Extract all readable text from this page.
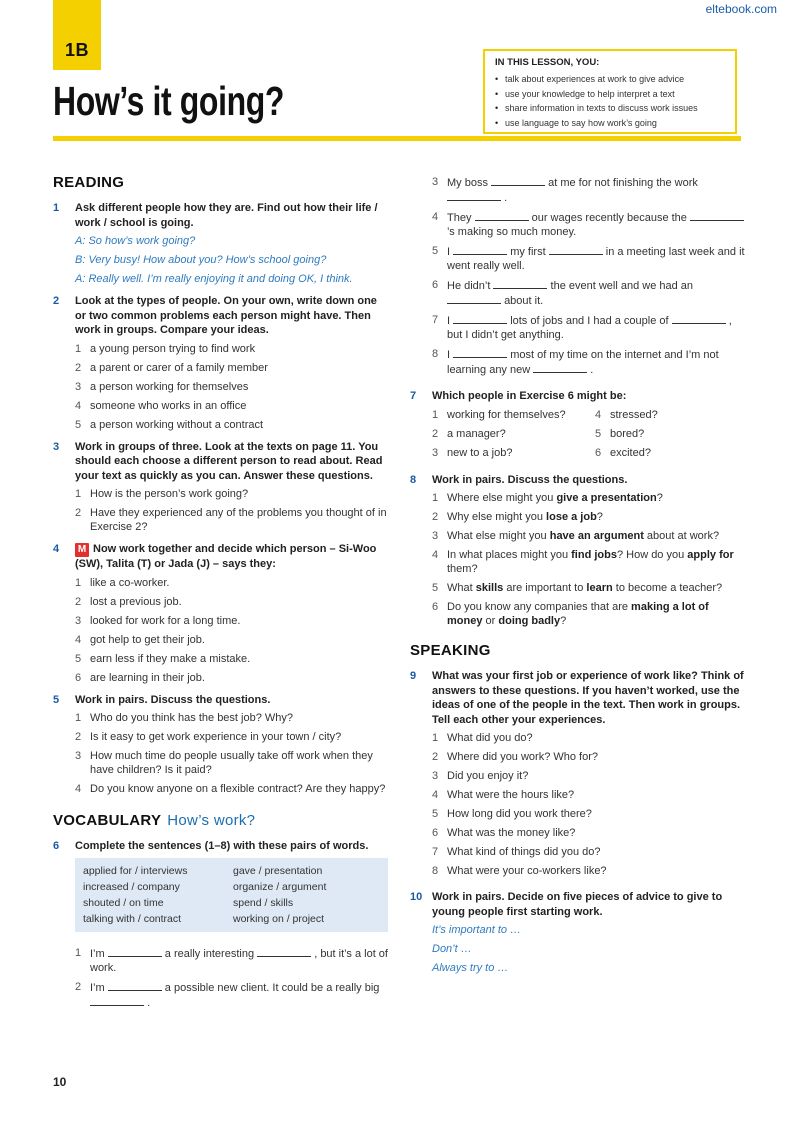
1B
eltebook.com
How’s it going?
IN THIS LESSON, YOU:
• talk about experiences at work to give advice
• use your knowledge to help interpret a text
• share information in texts to discuss work issues
• use language to say how work’s going
READING
1	Ask different people how they are. Find out how their life / work / school is going.
A: So how’s work going?
B: Very busy! How about you? How’s school going?
A: Really well. I’m really enjoying it and doing OK, I think.
2	Look at the types of people. On your own, write down one or two common problems each person might have. Then work in groups. Compare your ideas.
1 a young person trying to find work
2 a parent or carer of a family member
3 a person working for themselves
4 someone who works in an office
5 a person working without a contract
3	Work in groups of three. Look at the texts on page 11. You should each choose a different person to read about. Read your text as quickly as you can. Answer these questions.
1 How is the person’s work going?
2 Have they experienced any of the problems you thought of in Exercise 2?
4	M Now work together and decide which person – Si-Woo (SW), Talita (T) or Jada (J) – says they:
1 like a co-worker.
2 lost a previous job.
3 looked for work for a long time.
4 got help to get their job.
5 earn less if they make a mistake.
6 are learning in their job.
5	Work in pairs. Discuss the questions.
1 Who do you think has the best job? Why?
2 Is it easy to get work experience in your town / city?
3 How much time do people usually take off work when they have children? Is it paid?
4 Do you know anyone on a flexible contract? Are they happy?
VOCABULARY How’s work?
6	Complete the sentences (1–8) with these pairs of words.
applied for / interviews	gave / presentation
increased / company	organize / argument
shouted / on time	spend / skills
talking with / contract	working on / project
1 I’m	a really interesting	, but it’s a lot of work.
2 I’m	a possible new client. It could be a really big  .
3 My boss	at me for not finishing the work  .
4 They	our wages recently because the ’s making so much money.
5 I	my first	in a meeting last week and it went really well.
6 He didn’t	the event well and we had an  about it.
7 I	lots of jobs and I had a couple of	, but I didn’t get anything.
8 I	most of my time on the internet and I’m not learning any new	.
7	Which people in Exercise 6 might be:
1 working for themselves?	4 stressed?
2 a manager?	5 bored?
3 new to a job?	6 excited?
8	Work in pairs. Discuss the questions.
1 Where else might you give a presentation?
2 Why else might you lose a job?
3 What else might you have an argument about at work?
4 In what places might you find jobs? How do you apply for them?
5 What skills are important to learn to become a teacher?
6 Do you know any companies that are making a lot of money or doing badly?
SPEAKING
9	What was your first job or experience of work like? Think of answers to these questions. If you haven’t worked, use the ideas of one of the people in the text. Then work in groups. Tell each other your experiences.
1 What did you do?
2 Where did you work? Who for?
3 Did you enjoy it?
4 What were the hours like?
5 How long did you work there?
6 What was the money like?
7 What kind of things did you do?
8 What were your co-workers like?
10 Work in pairs. Decide on five pieces of advice to give to young people first starting work.
It’s important to …
Don’t …
Always try to …
10
